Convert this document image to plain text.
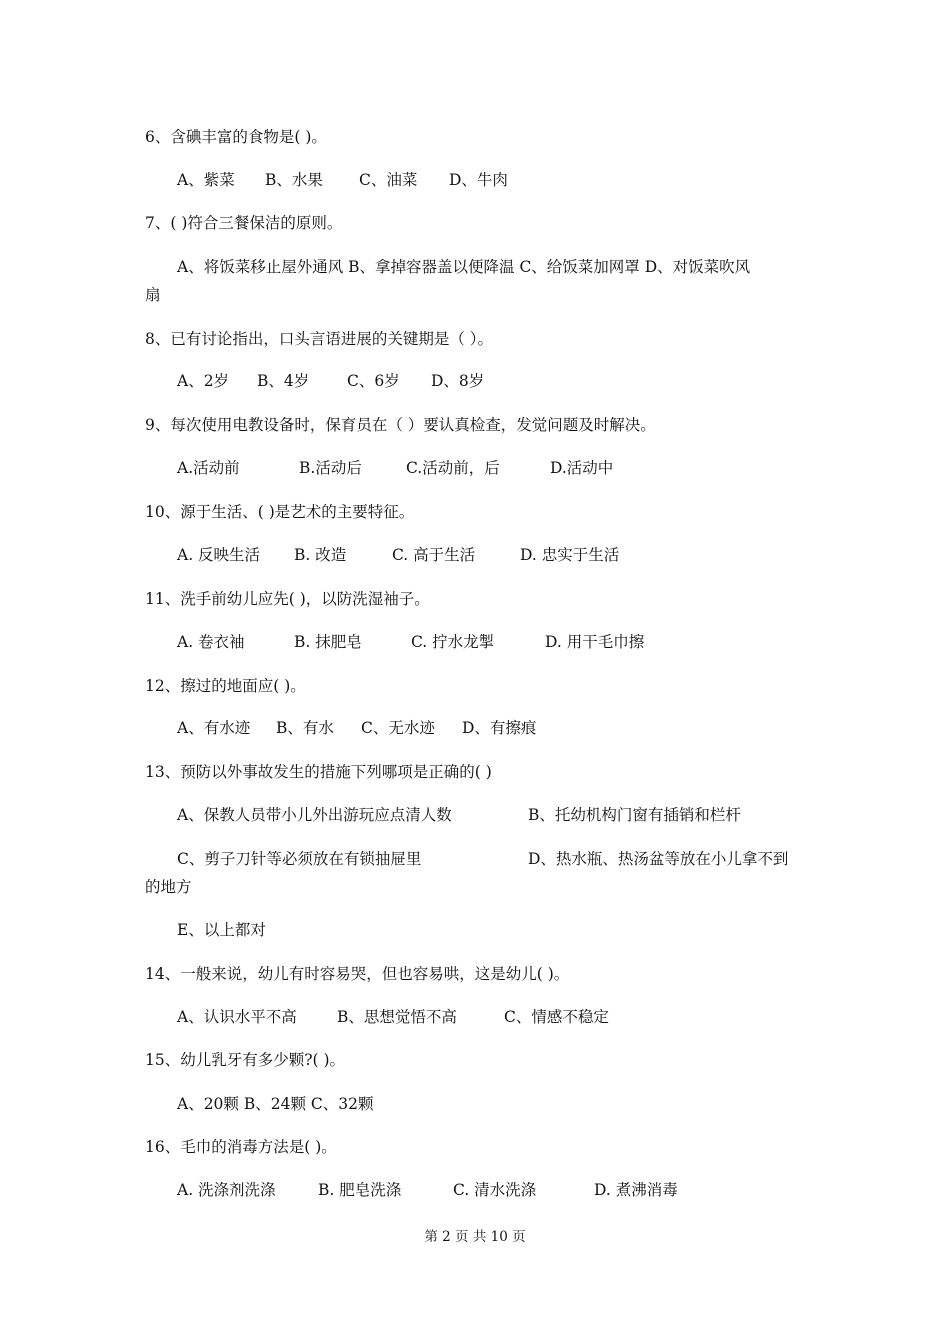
6、含碘丰富的食物是( )。
A、紫菜 B、水果 C、油菜 D、牛肉
7、( )符合三餐保洁的原则。
A、将饭菜移止屋外通风 B、拿掉容器盖以便降温 C、给饭菜加网罩 D、对饭菜吹风
扇
8、已有讨论指出，口头言语进展的关键期是（ ）。
A、2岁 B、4岁 C、6岁 D、8岁
9、每次使用电教设备时，保育员在（ ）要认真检查，发觉问题及时解决。
A.活动前	B.活动后	C.活动前，后	D.活动中
10、源于生活、( )是艺术的主要特征。
A. 反映生活 B. 改造	C. 高于生活	D. 忠实于生活
11、洗手前幼儿应先( )，以防洗湿袖子。
A. 卷衣袖	B. 抹肥皂	C. 拧水龙掣	D. 用干毛巾擦
12、擦过的地面应( )。
A、有水迹 B、有水 C、无水迹 D、有擦痕
13、预防以外事故发生的措施下列哪项是正确的( )
A、保教人员带小儿外出游玩应点清人数	B、托幼机构门窗有插销和栏杆
C、剪子刀针等必须放在有锁抽屉里	D、热水瓶、热汤盆等放在小儿拿不到
的地方
E、以上都对
14、一般来说，幼儿有时容易哭，但也容易哄，这是幼儿( )。
A、认识水平不高	B、思想觉悟不高	C、情感不稳定
15、幼儿乳牙有多少颗?( )。
A、20颗 B、24颗 C、32颗
16、毛巾的消毒方法是( )。
A. 洗涤剂洗涤	B. 肥皂洗涤	C. 清水洗涤	D. 煮沸消毒
第 2 页 共 10 页
